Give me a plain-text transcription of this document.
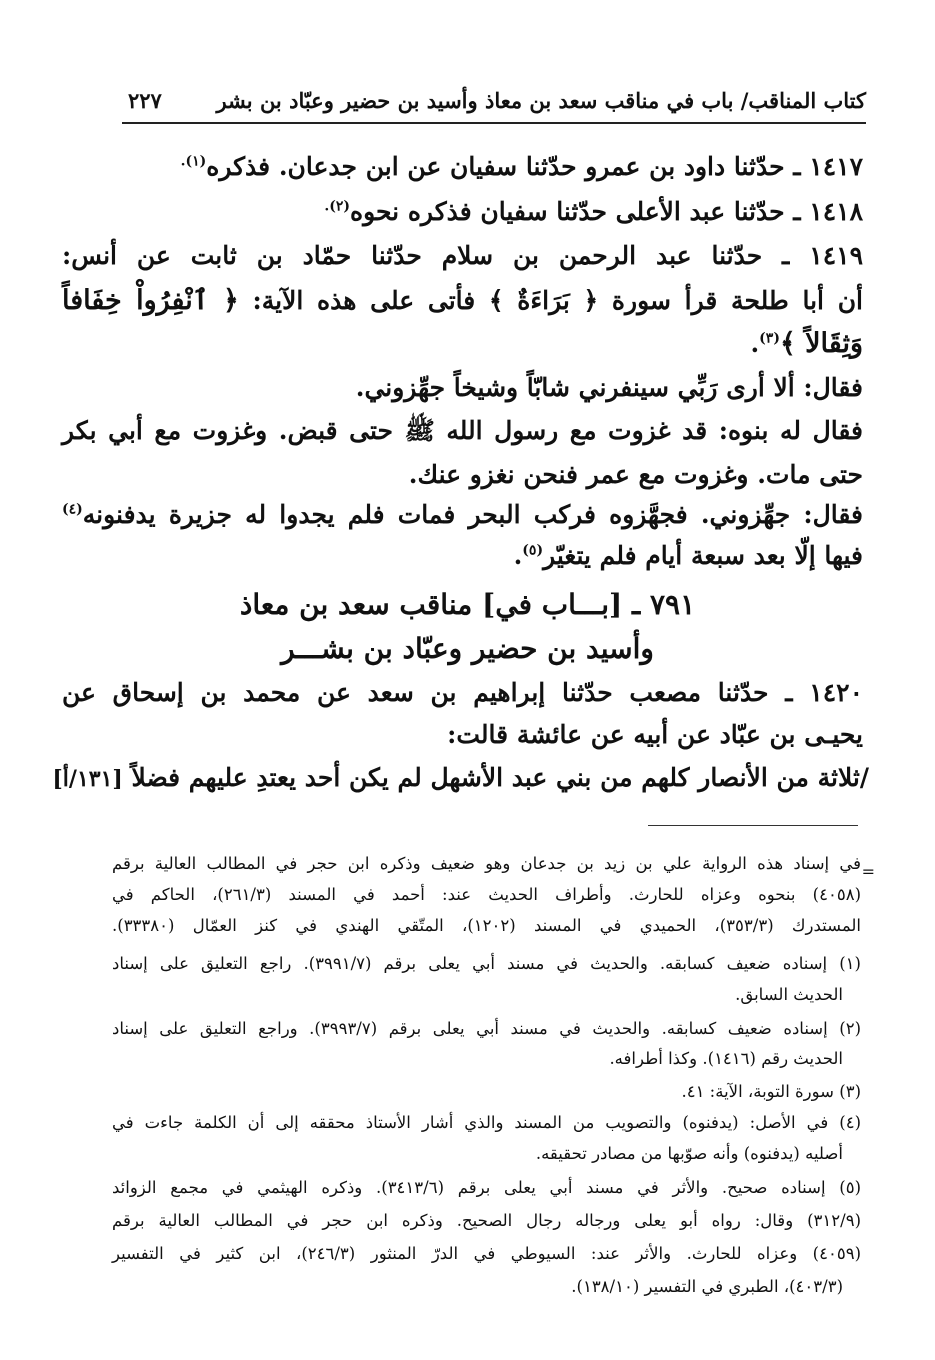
كتاب المناقب/ باب في مناقب سعد بن معاذ وأسيد بن حضير وعبّاد بن بشر
٢٢٧
١٤١٧ ـ حدّثنا داود بن عمرو حدّثنا سفيان عن ابن جدعان. فذكره$^{(١).}$
١٤١٨ ـ حدّثنا عبد الأعلى حدّثنا سفيان فذكره نحوه$^{(٢).}$
١٤١٩ ـ حدّثنا عبد الرحمن بن سلام حدّثنا حمّاد بن ثابت عن أنس:
أن أبا طلحة قرأ سورة ﴿ بَرَاءَةٌ ﴾ فأتى على هذه الآية: ﴿ ٱنْفِرُواْ خِفَافاً
وَثِقَالاً ﴾$^{(٣)}$.
فقال: ألا أرى رَبِّي سينفرني شابّاً وشيخاً جهِّزوني.
فقال له بنوه: قد غزوت مع رسول الله ﷺ حتى قبض. وغزوت مع أبي بكر
حتى مات. وغزوت مع عمر فنحن نغزو عنك.
فقال: جهِّزوني. فجهَّزوه فركب البحر فمات فلم يجدوا له جزيرة يدفنونه$^{(٤)}$
فيها إلّا بعد سبعة أيام فلم يتغيّر$^{(٥)}$.
٧٩١ ـ [بـــاب في] مناقب سعد بن معاذ
وأسيد بن حضير وعبّاد بن بشـــر
١٤٢٠ ـ حدّثنا مصعب حدّثنا إبراهيم بن سعد عن محمد بن إسحاق عن
يحيـى بن عبّاد عن أبيه عن عائشة قالت:
/ثلاثة من الأنصار كلهم من بني عبد الأشهل لم يكن أحد يعتدِ عليهم فضلاً [١٣١/أ]
=
في إسناد هذه الرواية علي بن زيد بن جدعان وهو ضعيف وذكره ابن حجر في المطالب العالية برقم
(٤٠٥٨) بنحوه وعزاه للحارث. وأطراف الحديث عند: أحمد في المسند (٢٦١/٣)، الحاكم في
المستدرك (٣٥٣/٣)، الحميدي في المسند (١٢٠٢)، المتّقي الهندي في كنز العمّال (٣٣٣٨٠).
(١) إسناده ضعيف كسابقه. والحديث في مسند أبي يعلى برقم (٣٩٩١/٧). راجع التعليق على إسناد
الحديث السابق.
(٢) إسناده ضعيف كسابقه. والحديث في مسند أبي يعلى برقم (٣٩٩٣/٧). وراجع التعليق على إسناد
الحديث رقم (١٤١٦). وكذا أطرافه.
(٣) سورة التوبة، الآية: ٤١.
(٤) في الأصل: (يدفنوه) والتصويب من المسند والذي أشار الأستاذ محققه إلى أن الكلمة جاءت في
أصليه (يدفنوه) وأنه صوّبها من مصادر تحقيقه.
(٥) إسناده صحيح. والأثر في مسند أبي يعلى برقم (٣٤١٣/٦). وذكره الهيثمي في مجمع الزوائد
(٣١٢/٩) وقال: رواه أبو يعلى ورجاله رجال الصحيح. وذكره ابن حجر في المطالب العالية برقم
(٤٠٥٩) وعزاه للحارث. والأثر عند: السيوطي في الدرّ المنثور (٢٤٦/٣)، ابن كثير في التفسير
(٤٠٣/٣)، الطبري في التفسير (١٣٨/١٠).
